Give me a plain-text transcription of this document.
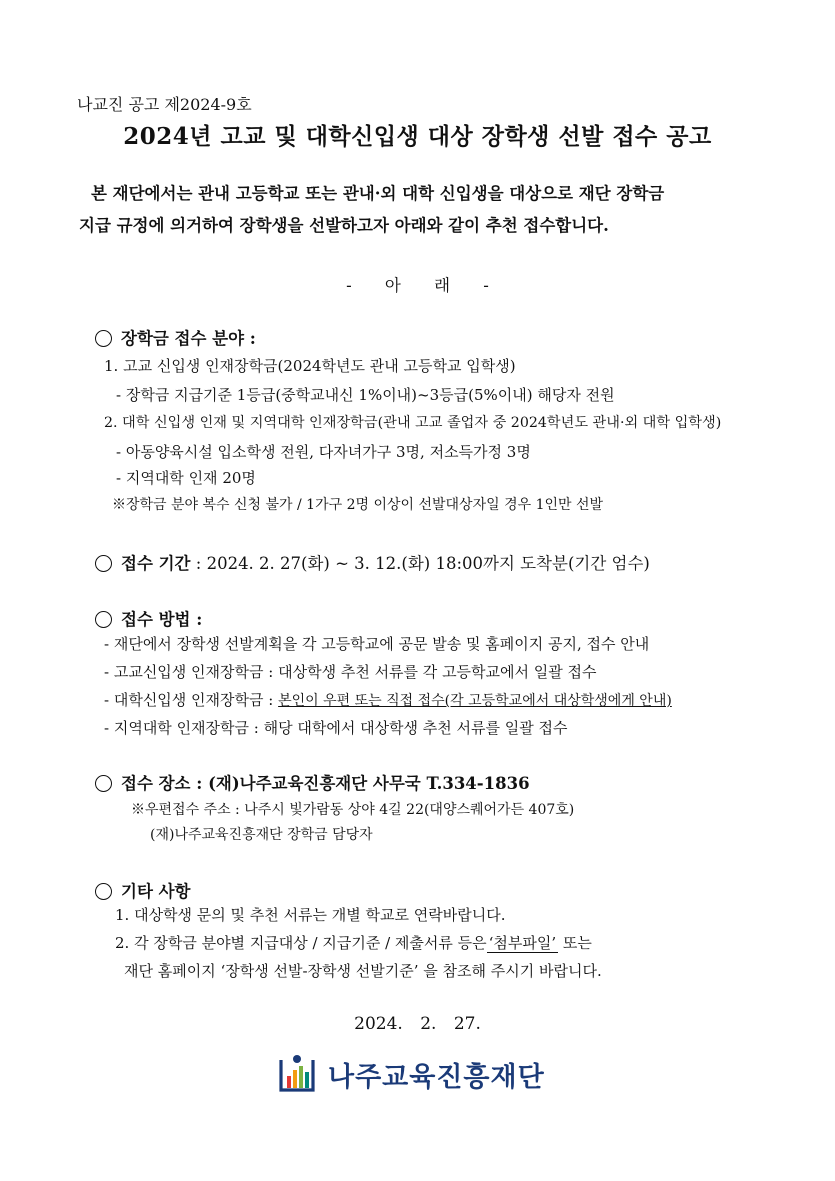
나교진 공고 제2024-9호
2024년 고교 및 대학신입생 대상 장학생 선발 접수 공고
본 재단에서는 관내 고등학교 또는 관내·외 대학 신입생을 대상으로 재단 장학금
지급 규정에 의거하여 장학생을 선발하고자 아래와 같이 추천 접수합니다.
- 아 래 -
장학금 접수 분야 :
1. 고교 신입생 인재장학금(2024학년도 관내 고등학교 입학생)
- 장학금 지급기준 1등급(중학교내신 1%이내)~3등급(5%이내) 해당자 전원
2. 대학 신입생 인재 및 지역대학 인재장학금(관내 고교 졸업자 중 2024학년도 관내·외 대학 입학생)
- 아동양육시설 입소학생 전원, 다자녀가구 3명, 저소득가정 3명
- 지역대학 인재 20명
※장학금 분야 복수 신청 불가 / 1가구 2명 이상이 선발대상자일 경우 1인만 선발
접수 기간 : 2024. 2. 27(화) ~ 3. 12.(화) 18:00까지 도착분(기간 엄수)
접수 방법 :
- 재단에서 장학생 선발계획을 각 고등학교에 공문 발송 및 홈페이지 공지, 접수 안내
- 고교신입생 인재장학금 : 대상학생 추천 서류를 각 고등학교에서 일괄 접수
- 대학신입생 인재장학금 : 본인이 우편 또는 직접 접수(각 고등학교에서 대상학생에게 안내)
- 지역대학 인재장학금 : 해당 대학에서 대상학생 추천 서류를 일괄 접수
접수 장소 : (재)나주교육진흥재단 사무국 T.334-1836
※우편접수 주소 : 나주시 빛가람동 상야 4길 22(대양스퀘어가든 407호)
(재)나주교육진흥재단 장학금 담당자
기타 사항
1. 대상학생 문의 및 추천 서류는 개별 학교로 연락바랍니다.
2. 각 장학금 분야별 지급대상 / 지급기준 / 제출서류 등은 ‘첨부파일’ 또는
재단 홈페이지 ‘장학생 선발-장학생 선발기준’ 을 참조해 주시기 바랍니다.
2024. 2. 27.
나주교육진흥재단
